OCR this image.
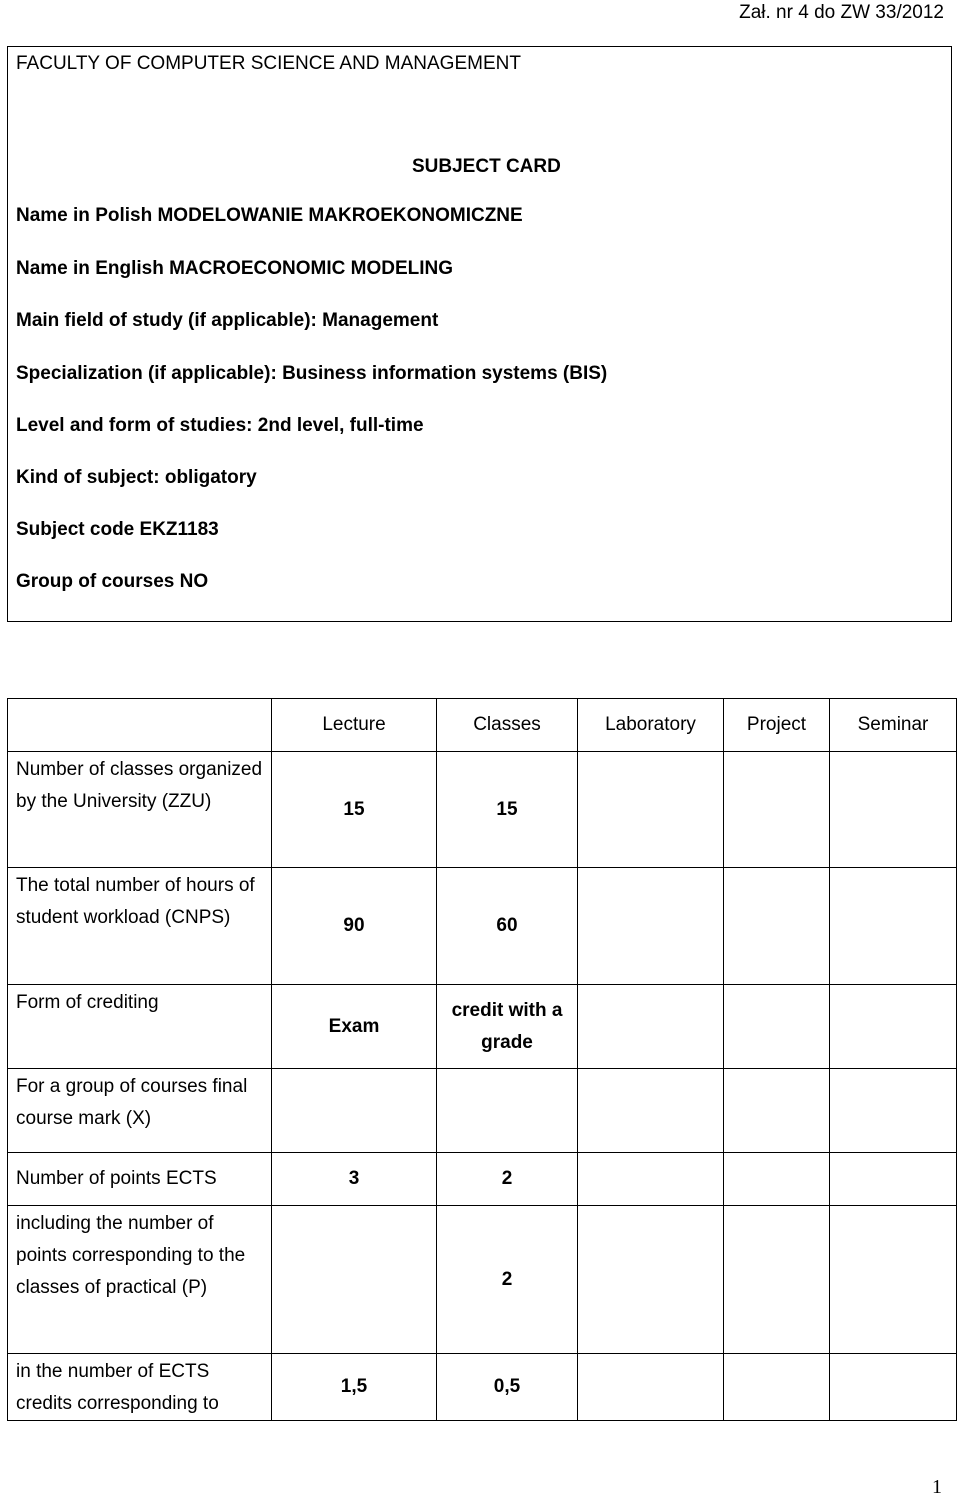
Zał. nr 4 do ZW 33/2012
FACULTY OF COMPUTER SCIENCE AND MANAGEMENT
SUBJECT CARD
Name in Polish MODELOWANIE MAKROEKONOMICZNE
Name in English MACROECONOMIC MODELING
Main field of study (if applicable): Management
Specialization (if applicable): Business information systems (BIS)
Level and form of studies: 2nd level, full-time
Kind of subject: obligatory
Subject code EKZ1183
Group of courses NO
	Lecture	Classes	Laboratory	Project	Seminar
Number of classes organized by the University (ZZU)	15	15			
The total number of hours of student workload (CNPS)	90	60			
Form of crediting	Exam	credit with a grade			
For a group of courses final course mark (X)					
Number of points ECTS	3	2			
including the number of points corresponding to the classes of practical (P)		2			
in the number of ECTS credits corresponding to	1,5	0,5			
1
